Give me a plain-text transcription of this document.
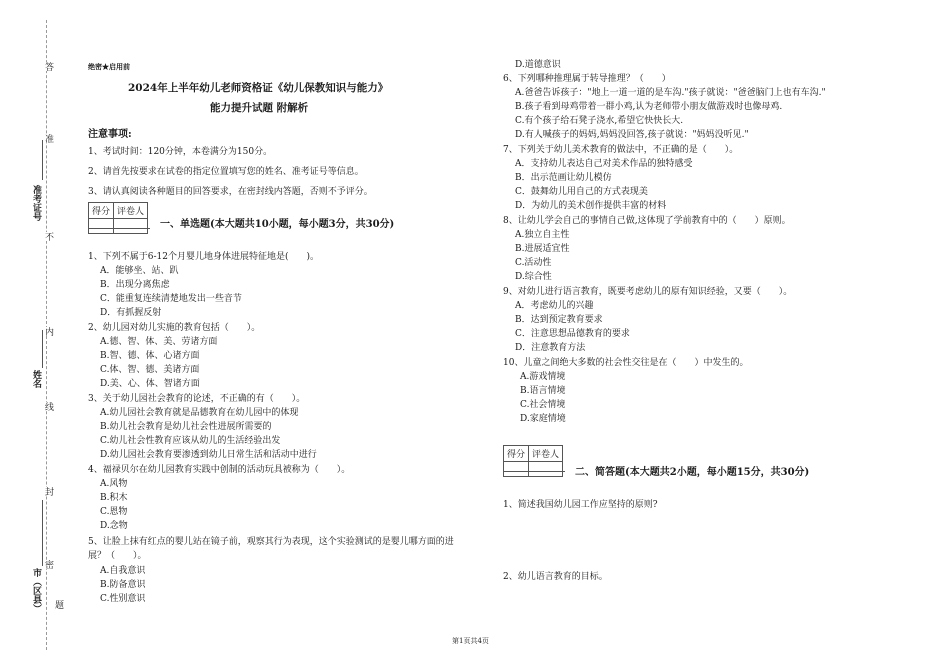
答
准
不
内
线
封
密
题
准考证号
姓名
市（区县）
绝密★启用前
2024年上半年幼儿老师资格证《幼儿保教知识与能力》
能力提升试题 附解析
注意事项:
1、考试时间：120分钟，本卷满分为150分。
2、请首先按要求在试卷的指定位置填写您的姓名、准考证号等信息。
3、请认真阅读各种题目的回答要求，在密封线内答题，否则不予评分。
得分	评卷人

一、单选题(本大题共10小题，每小题3分，共30分)
1、下列不属于6-12个月婴儿地身体进展特征地是(　　)。
A．能够坐、站、趴
B．出现分离焦虑
C．能重复连续清楚地发出一些音节
D．有抓握反射
2、幼儿园对幼儿实施的教育包括（　　）。
A.德、智、体、美、劳诸方面
B.智、德、体、心诸方面
C.体、智、德、美诸方面
D.美、心、体、智诸方面
3、关于幼儿园社会教育的论述，不正确的有（　　）。
A.幼儿园社会教育就是品德教育在幼儿园中的体现
B.幼儿社会教育是幼儿社会性进展所需要的
C.幼儿社会性教育应该从幼儿的生活经验出发
D.幼儿园社会教育要渗透到幼儿日常生活和活动中进行
4、福禄贝尔在幼儿园教育实践中创制的活动玩具被称为（　　）。
A.风物
B.积木
C.恩物
D.念物
5、让脸上抹有红点的婴儿站在镜子前，观察其行为表现，这个实验测试的是婴儿哪方面的进
展？（　　）。
A.自我意识
B.防备意识
C.性别意识
D.道德意识
6、下列哪种推理属于转导推理？（　　）
A.爸爸告诉孩子："地上一道一道的是车沟."孩子就说："爸爸脑门上也有车沟."
B.孩子看到母鸡带着一群小鸡,认为老师带小朋友做游戏时也像母鸡.
C.有个孩子给石凳子浇水,希望它快快长大.
D.有人喊孩子的妈妈,妈妈没回答,孩子就说："妈妈没听见."
7、下列关于幼儿美术教育的做法中，不正确的是（　　）。
A．支持幼儿表达自己对美术作品的独特感受
B．出示范画让幼儿模仿
C．鼓舞幼儿用自己的方式表现美
D．为幼儿的美术创作提供丰富的材料
8、让幼儿学会自己的事情自己做,这体现了学前教育中的（　　）原则。
A.独立自主性
B.进展适宜性
C.活动性
D.综合性
9、对幼儿进行语言教育，既要考虑幼儿的原有知识经验，又要（　　）。
A．考虑幼儿的兴趣
B．达到预定教育要求
C．注意思想品德教育的要求
D．注意教育方法
10、儿童之间绝大多数的社会性交往是在（　　）中发生的。
A.游戏情境
B.语言情境
C.社会情境
D.家庭情境
得分	评卷人

二、简答题(本大题共2小题，每小题15分，共30分)
1、简述我国幼儿园工作应坚持的原则?
2、幼儿语言教育的目标。
第1页共4页
